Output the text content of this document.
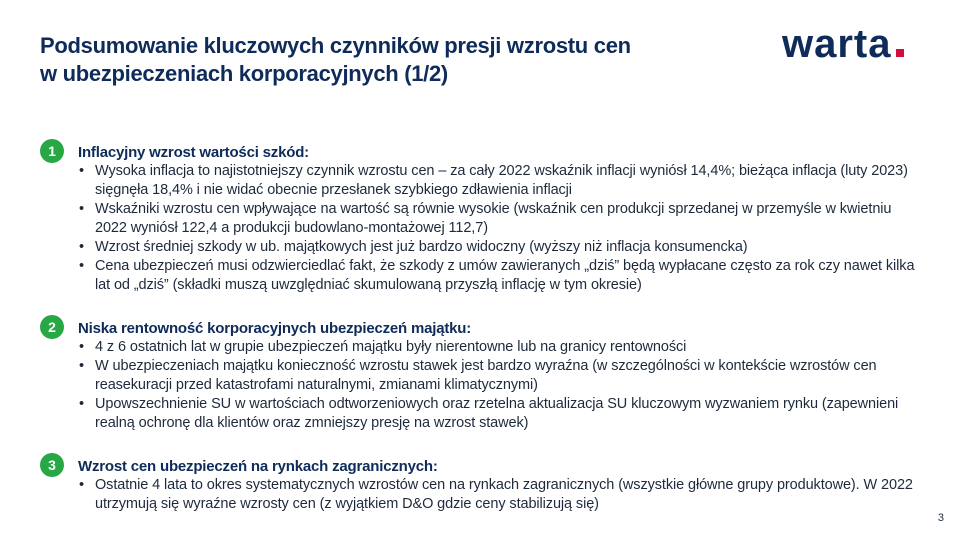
Podsumowanie kluczowych czynników presji wzrostu cen
w ubezpieczeniach korporacyjnych (1/2)
warta
1	Inflacyjny wzrost wartości szkód:
• Wysoka inflacja to najistotniejszy czynnik wzrostu cen – za cały 2022 wskaźnik inflacji wyniósł 14,4%; bieżąca inflacja (luty 2023) sięgnęła 18,4% i nie widać obecnie przesłanek szybkiego zdławienia inflacji
• Wskaźniki wzrostu cen wpływające na wartość są równie wysokie (wskaźnik cen produkcji sprzedanej w przemyśle w kwietniu 2022 wyniósł 122,4 a produkcji budowlano-montażowej 112,7)
• Wzrost średniej szkody w ub. majątkowych jest już bardzo widoczny (wyższy niż inflacja konsumencka)
• Cena ubezpieczeń musi odzwierciedlać fakt, że szkody z umów zawieranych „dziś” będą wypłacane często za rok czy nawet kilka lat od „dziś” (składki muszą uwzględniać skumulowaną przyszłą inflację w tym okresie)
2	Niska rentowność korporacyjnych ubezpieczeń majątku:
• 4 z 6 ostatnich lat w grupie ubezpieczeń majątku były nierentowne lub na granicy rentowności
• W ubezpieczeniach majątku konieczność wzrostu stawek jest bardzo wyraźna (w szczególności w kontekście wzrostów cen reasekuracji przed katastrofami naturalnymi, zmianami klimatycznymi)
• Upowszechnienie SU w wartościach odtworzeniowych oraz rzetelna aktualizacja SU kluczowym wyzwaniem rynku (zapewnieni realną ochronę dla klientów oraz zmniejszy presję na wzrost stawek)
3	Wzrost cen ubezpieczeń na rynkach zagranicznych:
• Ostatnie 4 lata to okres systematycznych wzrostów cen na rynkach zagranicznych (wszystkie główne grupy produktowe). W 2022 utrzymują się wyraźne wzrosty cen (z wyjątkiem D&O gdzie ceny stabilizują się)
3
